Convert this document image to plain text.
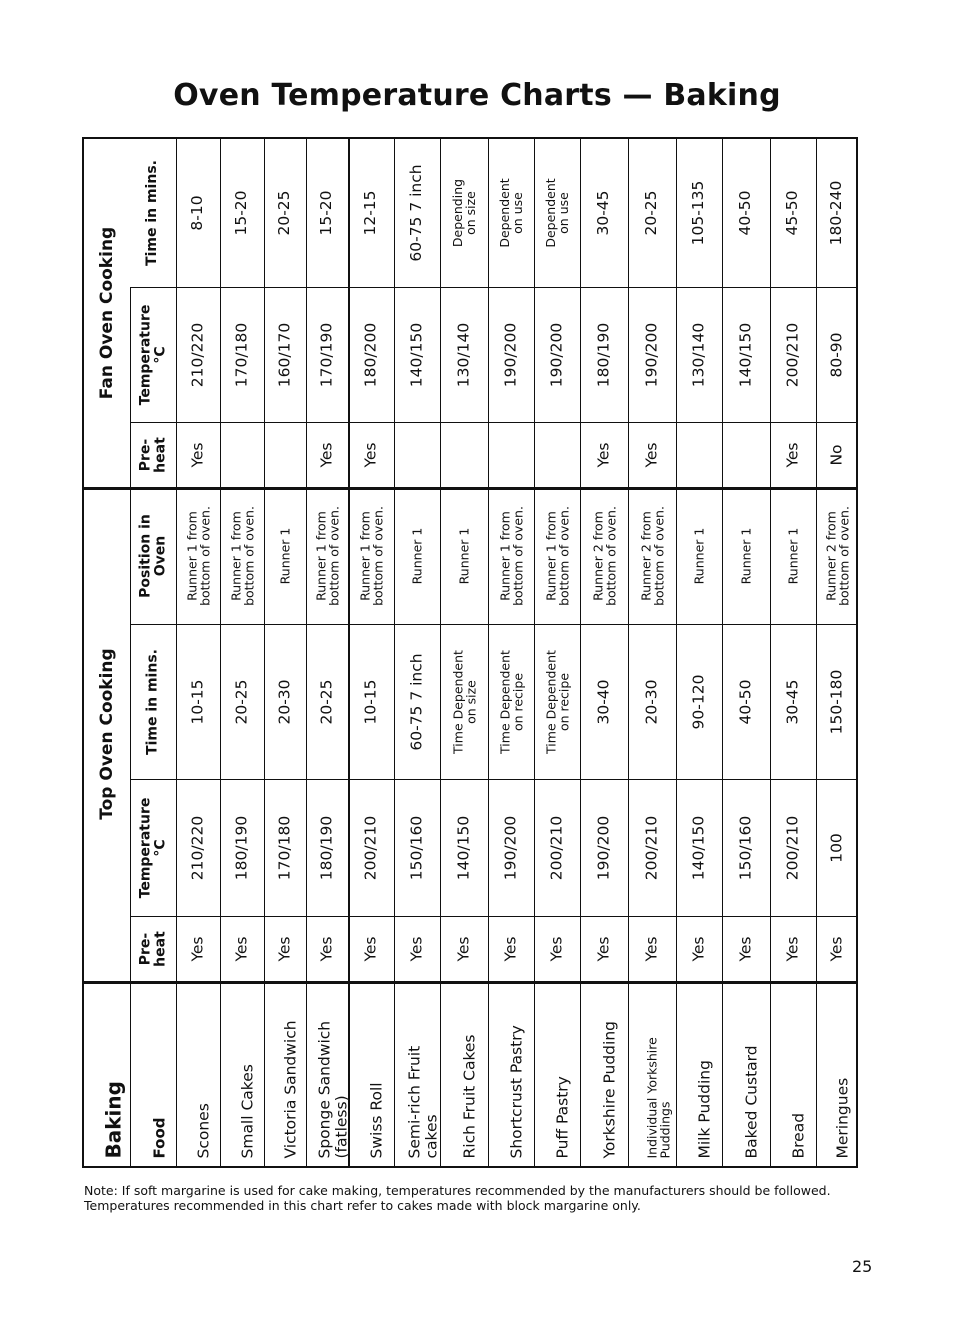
Oven Temperature Charts — Baking
Baking
Top Oven Cooking
Fan Oven Cooking
Food
Pre-
heat
Temperature
°C
Time in mins.
Position in
Oven
Pre-
heat
Temperature
°C
Time in mins.
Scones
Yes
210/220
10-15
Runner 1 from
bottom of oven.
Yes
210/220
8-10
Small Cakes
Yes
180/190
20-25
Runner 1 from
bottom of oven.
170/180
15-20
Victoria Sandwich
Yes
170/180
20-30
Runner 1
160/170
20-25
Sponge Sandwich
(fatless)
Yes
180/190
20-25
Runner 1 from
bottom of oven.
Yes
170/190
15-20
Swiss Roll
Yes
200/210
10-15
Runner 1 from
bottom of oven.
Yes
180/200
12-15
Semi-rich Fruit
cakes
Yes
150/160
60-75 7 inch
Runner 1
140/150
60-75 7 inch
Rich Fruit Cakes
Yes
140/150
Time Dependent
on size
Runner 1
130/140
Depending
on size
Shortcrust Pastry
Yes
190/200
Time Dependent
on recipe
Runner 1 from
bottom of oven.
190/200
Dependent
on use
Puff Pastry
Yes
200/210
Time Dependent
on recipe
Runner 1 from
bottom of oven.
190/200
Dependent
on use
Yorkshire Pudding
Yes
190/200
30-40
Runner 2 from
bottom of oven.
Yes
180/190
30-45
Individual Yorkshire
Puddings
Yes
200/210
20-30
Runner 2 from
bottom of oven.
Yes
190/200
20-25
Milk Pudding
Yes
140/150
90-120
Runner 1
130/140
105-135
Baked Custard
Yes
150/160
40-50
Runner 1
140/150
40-50
Bread
Yes
200/210
30-45
Runner 1
Yes
200/210
45-50
Meringues
Yes
100
150-180
Runner 2 from
bottom of oven.
No
80-90
180-240
Note: If soft margarine is used for cake making, temperatures recommended by the manufacturers should be followed. Temperatures recommended in this chart refer to cakes made with block margarine only.
25
